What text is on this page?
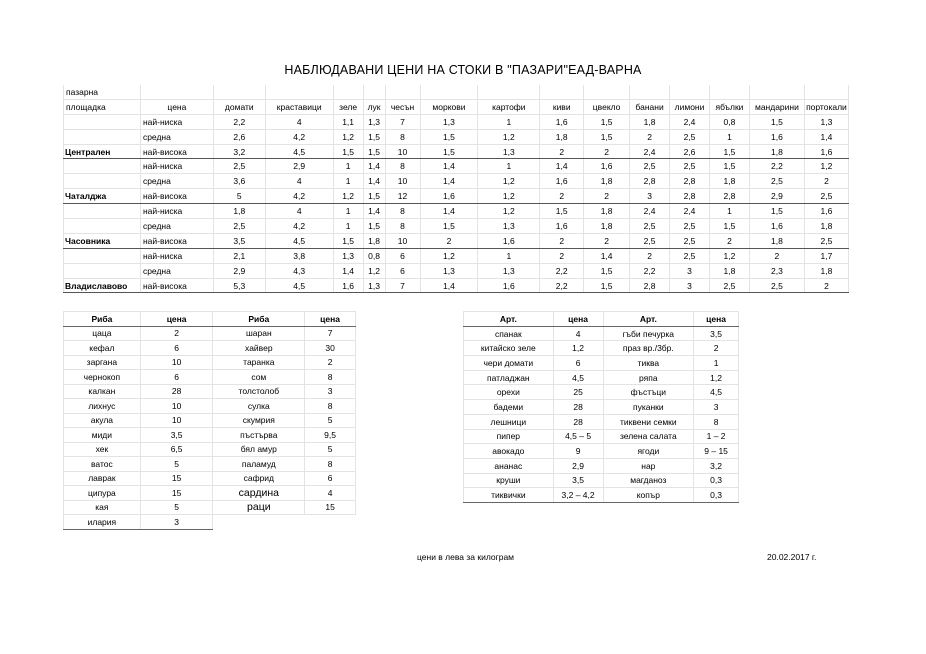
НАБЛЮДАВАНИ ЦЕНИ НА СТОКИ В "ПАЗАРИ"ЕАД-ВАРНА
пазарна															
площадка	цена	домати	краставици	зеле	лук	чесън	моркови	картофи	киви	цвекло	банани	лимони	ябълки	мандарини	портокали
	най-ниска	2,2	4	1,1	1,3	7	1,3	1	1,6	1,5	1,8	2,4	0,8	1,5	1,3
	средна	2,6	4,2	1,2	1,5	8	1,5	1,2	1,8	1,5	2	2,5	1	1,6	1,4
Централен	най-висока	3,2	4,5	1,5	1,5	10	1,5	1,3	2	2	2,4	2,6	1,5	1,8	1,6
	най-ниска	2,5	2,9	1	1,4	8	1,4	1	1,4	1,6	2,5	2,5	1,5	2,2	1,2
	средна	3,6	4	1	1,4	10	1,4	1,2	1,6	1,8	2,8	2,8	1,8	2,5	2
Чаталджа	най-висока	5	4,2	1,2	1,5	12	1,6	1,2	2	2	3	2,8	2,8	2,9	2,5
	най-ниска	1,8	4	1	1,4	8	1,4	1,2	1,5	1,8	2,4	2,4	1	1,5	1,6
	средна	2,5	4,2	1	1,5	8	1,5	1,3	1,6	1,8	2,5	2,5	1,5	1,6	1,8
Часовника	най-висока	3,5	4,5	1,5	1,8	10	2	1,6	2	2	2,5	2,5	2	1,8	2,5
	най-ниска	2,1	3,8	1,3	0,8	6	1,2	1	2	1,4	2	2,5	1,2	2	1,7
	средна	2,9	4,3	1,4	1,2	6	1,3	1,3	2,2	1,5	2,2	3	1,8	2,3	1,8
Владиславово	най-висока	5,3	4,5	1,6	1,3	7	1,4	1,6	2,2	1,5	2,8	3	2,5	2,5	2
Риба	цена	Риба	цена
цаца	2	шаран	7
кефал	6	хайвер	30
заргана	10	таранка	2
чернокоп	6	сом	8
калкан	28	толстолоб	3
лихнус	10	сулка	8
акула	10	скумрия	5
миди	3,5	пъстърва	9,5
хек	6,5	бял амур	5
ватос	5	паламуд	8
лаврак	15	сафрид	6
ципура	15	сардина	4
кая	5	раци	15
илария	3		
Арт.	цена	Арт.	цена
спанак	4	гъби печурка	3,5
китайско зеле	1,2	праз вр./3бр.	2
чери домати	6	тиква	1
патладжан	4,5	ряпа	1,2
орехи	25	фъстъци	4,5
бадеми	28	пуканки	3
лешници	28	тиквени семки	8
пипер	4,5 – 5	зелена салата	1 – 2
авокадо	9	ягоди	9 – 15
ананас	2,9	нар	3,2
круши	3,5	магданоз	0,3
тиквички	3,2 – 4,2	копър	0,3
цени в лева за килограм	20.02.2017 г.
